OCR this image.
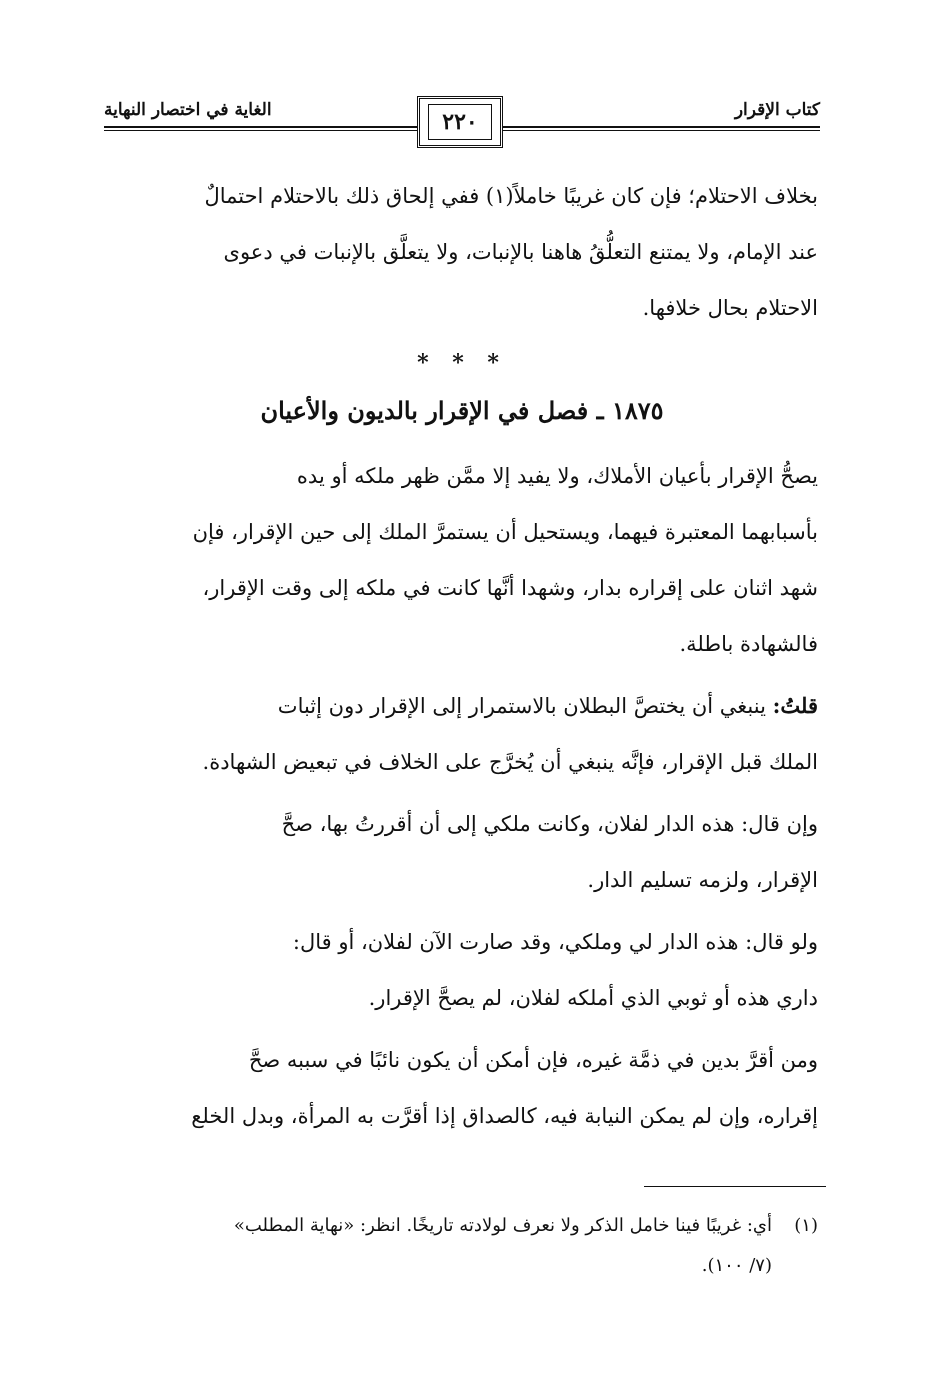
كتاب الإقرار
الغاية في اختصار النهاية	٢٢٠
بخلاف الاحتلام؛ فإن كان غريبًا خاملاً(١) ففي إلحاق ذلك بالاحتلام احتمالٌ
عند الإمام، ولا يمتنع التعلُّقُ هاهنا بالإنبات، ولا يتعلَّق بالإنبات في دعوى
الاحتلام بحال خلافها.
* * *
١٨٧٥ ـ فصل في الإقرار بالديون والأعيان
يصحُّ الإقرار بأعيان الأملاك، ولا يفيد إلا ممَّن ظهر ملكه أو يده
بأسبابهما المعتبرة فيهما، ويستحيل أن يستمرَّ الملك إلى حين الإقرار، فإن
شهد اثنان على إقراره بدار، وشهدا أنَّها كانت في ملكه إلى وقت الإقرار،
فالشهادة باطلة.
قلتُ: ينبغي أن يختصَّ البطلان بالاستمرار إلى الإقرار دون إثبات
الملك قبل الإقرار، فإنَّه ينبغي أن يُخرَّج على الخلاف في تبعيض الشهادة.
وإن قال: هذه الدار لفلان، وكانت ملكي إلى أن أقررتُ بها، صحَّ
الإقرار، ولزمه تسليم الدار.
ولو قال: هذه الدار لي وملكي، وقد صارت الآن لفلان، أو قال:
داري هذه أو ثوبي الذي أملكه لفلان، لم يصحَّ الإقرار.
ومن أقرَّ بدين في ذمَّة غيره، فإن أمكن أن يكون نائبًا في سببه صحَّ
إقراره، وإن لم يمكن النيابة فيه، كالصداق إذا أقرَّت به المرأة، وبدل الخلع
(١)
أي: غريبًا فينا خامل الذكر ولا نعرف لولادته تاريخًا. انظر: «نهاية المطلب»
(٧/ ١٠٠).
